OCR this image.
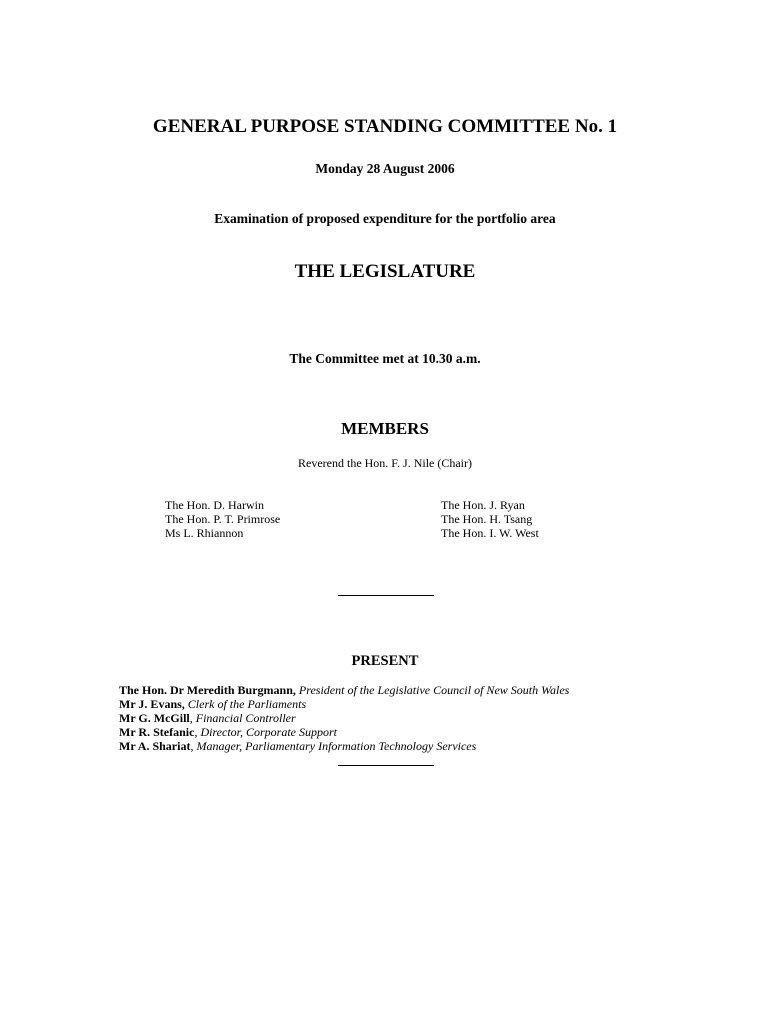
GENERAL PURPOSE STANDING COMMITTEE No. 1
Monday 28 August 2006
Examination of proposed expenditure for the portfolio area
THE LEGISLATURE
The Committee met at 10.30 a.m.
MEMBERS
Reverend the Hon. F. J. Nile (Chair)
The Hon. D. Harwin
The Hon. P. T. Primrose
Ms L. Rhiannon
The Hon. J. Ryan
The Hon. H. Tsang
The Hon. I. W. West
PRESENT
The Hon. Dr Meredith Burgmann, President of the Legislative Council of New South Wales
Mr J. Evans, Clerk of the Parliaments
Mr G. McGill, Financial Controller
Mr R. Stefanic, Director, Corporate Support
Mr A. Shariat, Manager, Parliamentary Information Technology Services
